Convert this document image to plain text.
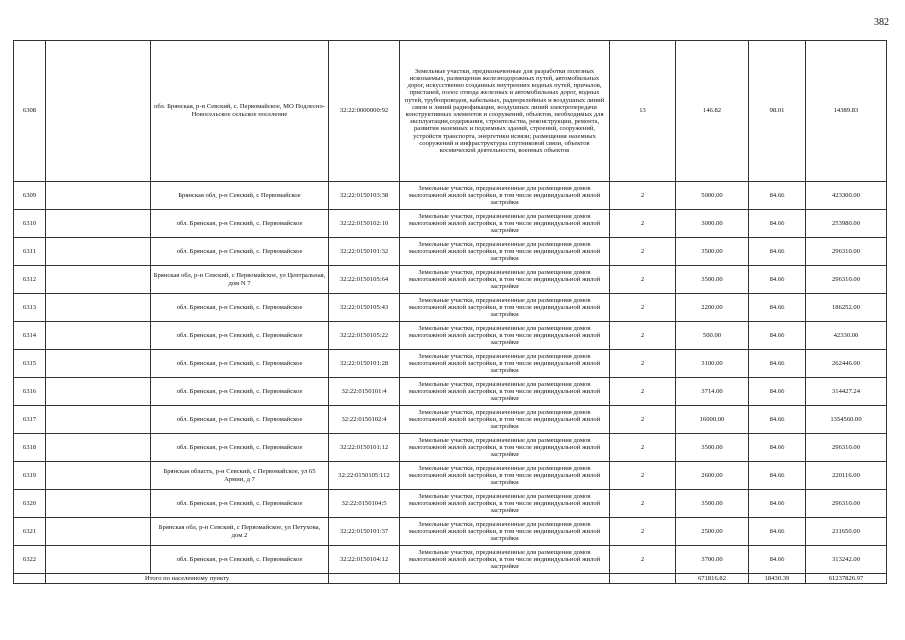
382
6308		обл. Брянская, р-н Севский, с. Первомайское, МО Подлесно-Новосельское сельское поселение	32:22:0000000:92	Земельные участки, предназначенные для разработки полезных ископаемых, размещения железнодорожных путей, автомобильных дорог, искусственно созданных внутренних водных путей, причалов, пристаней, полос отвода железных и автомобильных дорог, водных путей, трубопроводов, кабельных, радиорелейных и воздушных линий связи и линий радиофикации, воздушных линий электропередачи конструктивных элементов и сооружений, объектов, необходимых для эксплуатации,содержания, строительства, реконструкции, ремонта, развития наземных и подземных зданий, строений, сооружений, устройств транспорта, энергетики исвязи; размещения наземных сооружений и инфраструктуры спутниковой связи, объектов космической деятельности, военных объектов	13	146.82	98.01	14389.83
6309		Брянская обл, р-н Севский, с Первомайское	32:22:0150103:38	Земельные участки, предназначенные для размещения домов малоэтажной жилой застройки, в том числе индивидуальной жилой застройки	2	5000.00	84.66	423300.00
6310		обл. Брянская, р-н Севский, с. Первомайское	32:22:0150102:10	Земельные участки, предназначенные для размещения домов малоэтажной жилой застройки, в том числе индивидуальной жилой застройки	2	3000.00	84.66	253980.00
6311		обл. Брянская, р-н Севский, с. Первомайское	32:22:0150101:32	Земельные участки, предназначенные для размещения домов малоэтажной жилой застройки, в том числе индивидуальной жилой застройки	2	3500.00	84.66	296310.00
6312		Брянская обл, р-н Севский, с Первомайское, ул Центральная, дом N 7	32:22:0150105:64	Земельные участки, предназначенные для размещения домов малоэтажной жилой застройки, в том числе индивидуальной жилой застройки	2	3500.00	84.66	296310.00
6313		обл. Брянская, р-н Севский, с. Первомайское	32:22:0150105:43	Земельные участки, предназначенные для размещения домов малоэтажной жилой застройки, в том числе индивидуальной жилой застройки	2	2200.00	84.66	186252.00
6314		обл. Брянская, р-н Севский, с. Первомайское	32:22:0150105:22	Земельные участки, предназначенные для размещения домов малоэтажной жилой застройки, в том числе индивидуальной жилой застройки	2	500.00	84.66	42330.00
6315		обл. Брянская, р-н Севский, с. Первомайское	32:22:0150101:28	Земельные участки, предназначенные для размещения домов малоэтажной жилой застройки, в том числе индивидуальной жилой застройки	2	3100.00	84.66	262446.00
6316		обл. Брянская, р-н Севский, с. Первомайское	32:22:0150101:4	Земельные участки, предназначенные для размещения домов малоэтажной жилой застройки, в том числе индивидуальной жилой застройки	2	3714.00	84.66	314427.24
6317		обл. Брянская, р-н Севский, с. Первомайское	32:22:0150102:4	Земельные участки, предназначенные для размещения домов малоэтажной жилой застройки, в том числе индивидуальной жилой застройки	2	16000.00	84.66	1354560.00
6318		обл. Брянская, р-н Севский, с. Первомайское	32:22:0150101:12	Земельные участки, предназначенные для размещения домов малоэтажной жилой застройки, в том числе индивидуальной жилой застройки	2	3500.00	84.66	296310.00
6319		Брянская область, р-н Севский, с Первомайское, ул 65 Армии, д 7	32:22:0150105:112	Земельные участки, предназначенные для размещения домов малоэтажной жилой застройки, в том числе индивидуальной жилой застройки	2	2600.00	84.66	220116.00
6320		обл. Брянская, р-н Севский, с. Первомайское	32:22:0150104:5	Земельные участки, предназначенные для размещения домов малоэтажной жилой застройки, в том числе индивидуальной жилой застройки	2	3500.00	84.66	296310.00
6321		Брянская обл, р-н Севский, с Первомайское, ул Петухова, дом 2	32:22:0150101:37	Земельные участки, предназначенные для размещения домов малоэтажной жилой застройки, в том числе индивидуальной жилой застройки	2	2500.00	84.66	211650.00
6322		обл. Брянская, р-н Севский, с. Первомайское	32:22:0150104:12	Земельные участки, предназначенные для размещения домов малоэтажной жилой застройки, в том числе индивидуальной жилой застройки	2	3700.00	84.66	313242.00
	Итого по населенному пункту					671816.82	18430.39	61237826.97
